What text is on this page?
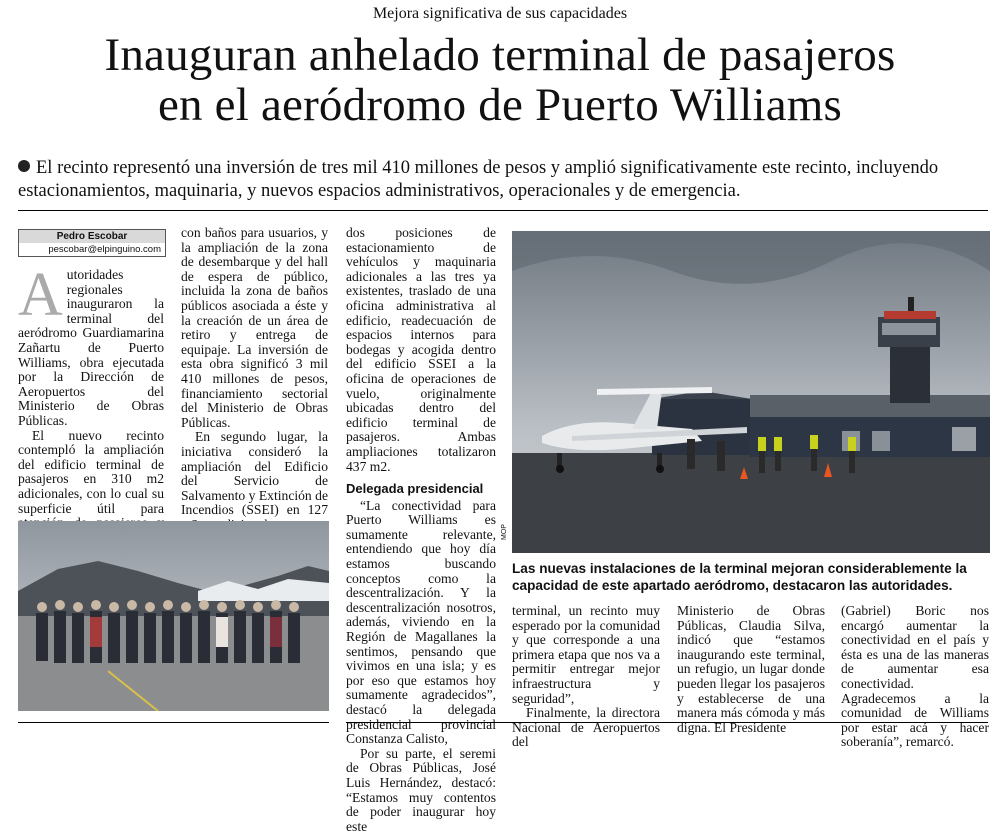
Mejora significativa de sus capacidades
Inauguran anhelado terminal de pasajeros
en el aeródromo de Puerto Williams
El recinto representó una inversión de tres mil 410 millones de pesos y amplió significativamente este recinto, incluyendo estacionamientos, maquinaria, y nuevos espacios administrativos, operacionales y de emergencia.
Pedro Escobar
pescobar@elpinguino.com

Autoridades regionales inauguraron la terminal del aeródromo Guardiamarina Zañartu de Puerto Williams, obra ejecutada por la Dirección de Aeropuertos del Ministerio de Obras Públicas.

El nuevo recinto contempló la ampliación del edificio terminal de pasajeros en 310 m2 adicionales, con lo cual su superficie útil para

con baños para usuarios, y la ampliación de la zona de desembarque y del hall de espera de público, incluida la zona de baños públicos asociada a éste y la creación de un área de retiro y entrega de equipaje. La inversión de esta obra significó 3 mil 410 millones de pesos, financiamiento sectorial del Ministerio de Obras Públicas.

En segundo lugar, la iniciativa consideró la ampliación del Edificio del Servicio de Salvamento y Extinción de Incendios (SSEI) en 127

dos posiciones de estacionamiento de vehículos y maquinaria adicionales a las tres ya existentes, traslado de una oficina administrativa al edificio, readecuación de espacios internos para bodegas y acogida dentro del edificio SSEI a la oficina de operaciones de vuelo, originalmente ubicadas dentro del edificio terminal de pasajeros. Ambas ampliaciones totalizaron 437 m2.

Delegada presidencial

“La conectividad para Puerto Williams es sumamente relevante, entendiendo que hoy día estamos buscando conceptos como la descentralización. Y la descentralización nosotros, además, viviendo en la Región de Magallanes la sentimos, pensando que vivimos en una isla; y es por eso que estamos hoy sumamente agradecidos”, destacó la delegada presidencial provincial Constanza Calisto,

Por su parte, el seremi de Obras Públicas, José Luis Hernández, destacó: “Estamos muy contentos de poder inaugurar hoy este

MOP
Las nuevas instalaciones de la terminal mejoran considerablemente la capacidad de este apartado aeródromo, destacaron las autoridades.

terminal, un recinto muy esperado por la comunidad y que corresponde a una primera etapa que nos va a permitir entregar mejor infraestructura y seguridad”,

Finalmente, la directora Nacional de Aeropuertos del

Ministerio de Obras Públicas, Claudia Silva, indicó que “estamos inaugurando este terminal, un refugio, un lugar donde pueden llegar los pasajeros y establecerse de una manera más cómoda y más digna. El Presidente

(Gabriel) Boric nos encargó aumentar la conectividad en el país y ésta es una de las maneras de aumentar esa conectividad. Agradecemos a la comunidad de Williams por estar acá y hacer soberanía”, remarcó.
